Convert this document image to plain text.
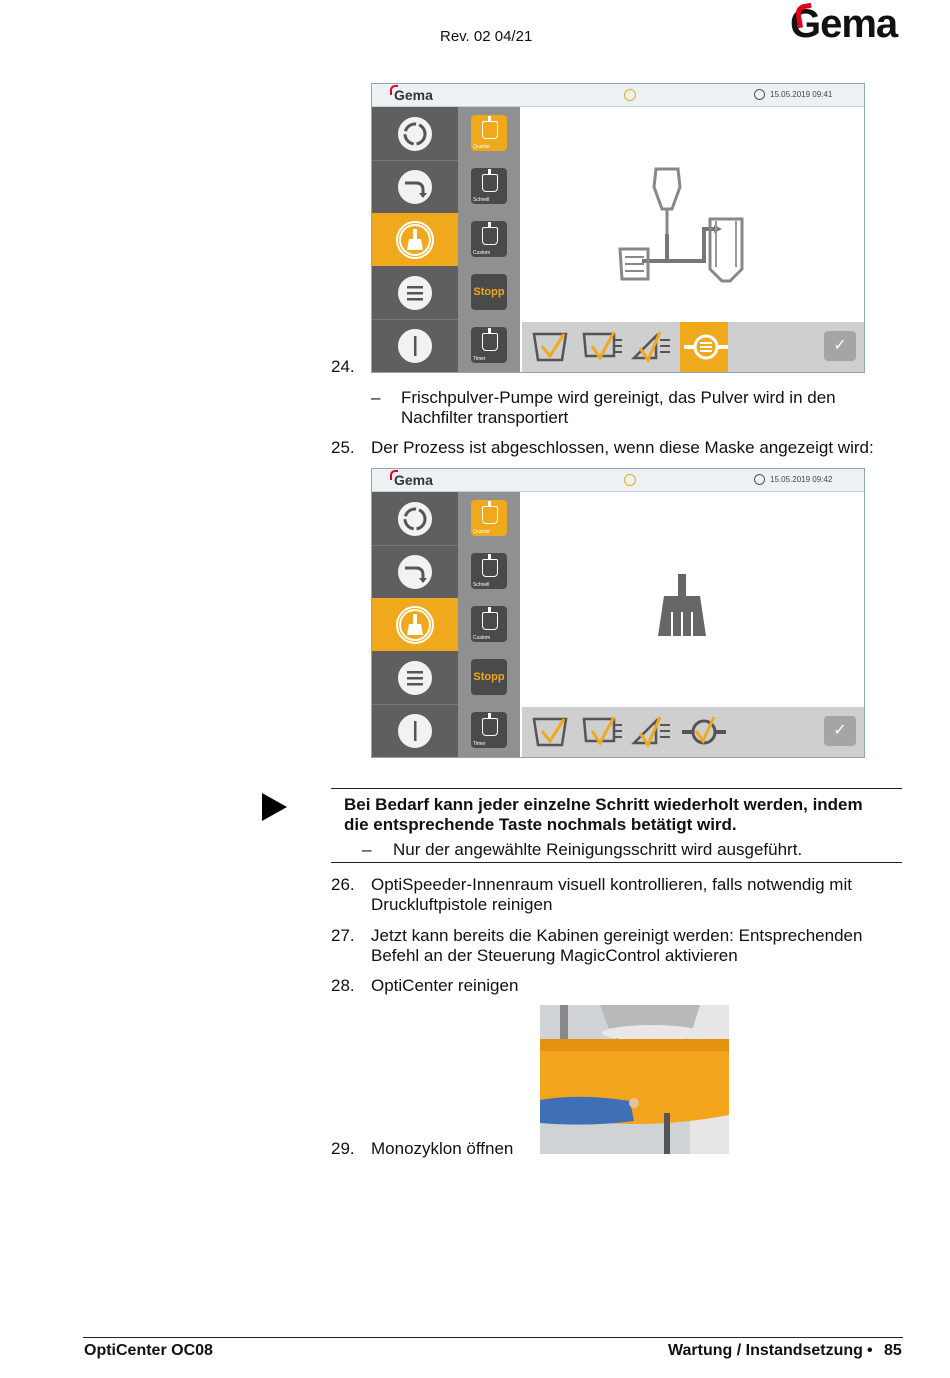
Rev. 02 04/21	Gema
Gema	15.05.2019 09:41
Quarter
Schnell
Custom
Stopp
Timer
✓
24.
– Frischpulver-Pumpe wird gereinigt, das Pulver wird in den
Nachfilter transportiert
25. Der Prozess ist abgeschlossen, wenn diese Maske angezeigt wird:
Gema	15.05.2019 09:42
Quarter
Schnell
Custom
Stopp
Timer
✓
Bei Bedarf kann jeder einzelne Schritt wiederholt werden, indem
die entsprechende Taste nochmals betätigt wird.
– Nur der angewählte Reinigungsschritt wird ausgeführt.
26. OptiSpeeder-Innenraum visuell kontrollieren, falls notwendig mit
Druckluftpistole reinigen
27. Jetzt kann bereits die Kabinen gereinigt werden: Entsprechenden
Befehl an der Steuerung MagicControl aktivieren
28. OptiCenter reinigen
29. Monozyklon öffnen
OptiCenter OC08	Wartung / Instandsetzung • 85
